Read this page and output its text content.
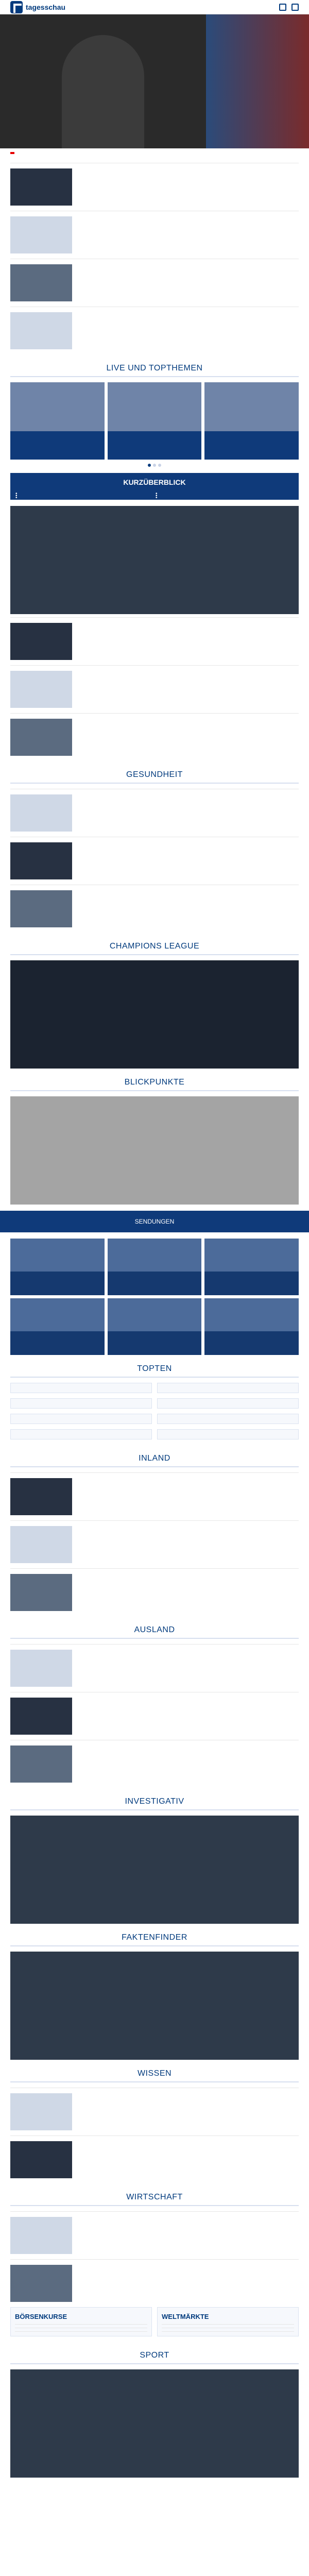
tagesschau
LIVE UND TOPTHEMEN
KURZÜBERBLICK
GESUNDHEIT
CHAMPIONS LEAGUE
BLICKPUNKTE
SENDUNGEN
TOPTEN
INLAND
AUSLAND
INVESTIGATIV
FAKTENFINDER
WISSEN
WIRTSCHAFT
BÖRSENKURSE	WELTMÄRKTE
SPORT
